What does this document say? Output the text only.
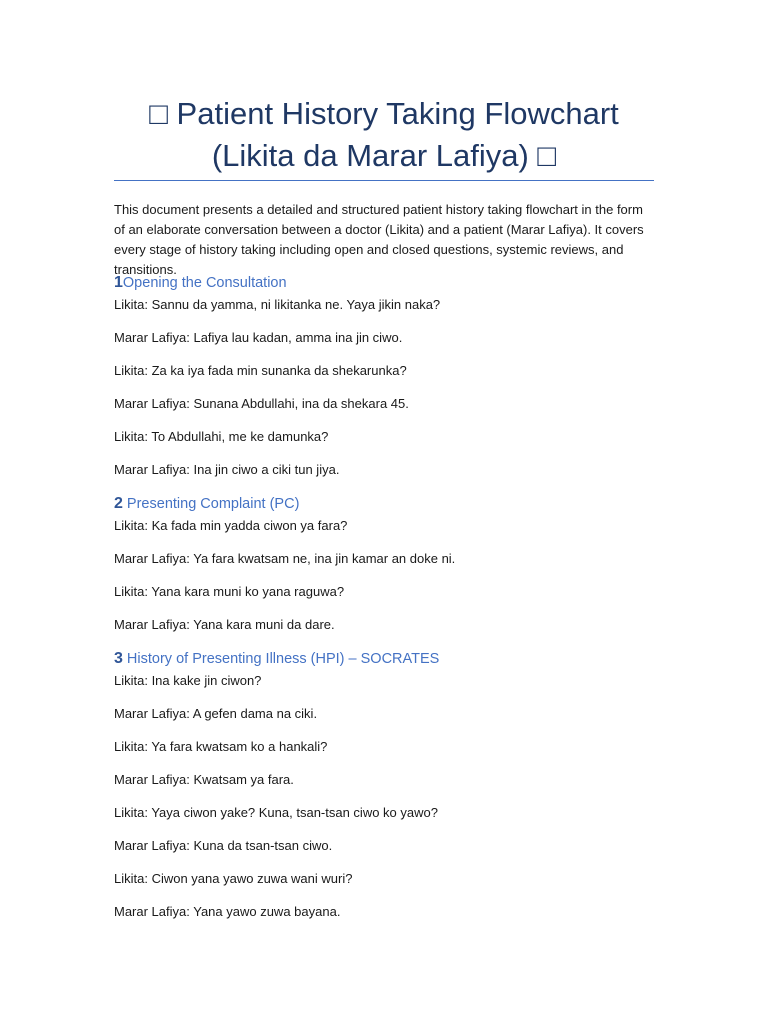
□ Patient History Taking Flowchart
(Likita da Marar Lafiya) □
This document presents a detailed and structured patient history taking flowchart in the form of an elaborate conversation between a doctor (Likita) and a patient (Marar Lafiya). It covers every stage of history taking including open and closed questions, systemic reviews, and transitions.
1Opening the Consultation
Likita: Sannu da yamma, ni likitanka ne. Yaya jikin naka?
Marar Lafiya: Lafiya lau kadan, amma ina jin ciwo.
Likita: Za ka iya fada min sunanka da shekarunka?
Marar Lafiya: Sunana Abdullahi, ina da shekara 45.
Likita: To Abdullahi, me ke damunka?
Marar Lafiya: Ina jin ciwo a ciki tun jiya.
2 Presenting Complaint (PC)
Likita: Ka fada min yadda ciwon ya fara?
Marar Lafiya: Ya fara kwatsam ne, ina jin kamar an doke ni.
Likita: Yana kara muni ko yana raguwa?
Marar Lafiya: Yana kara muni da dare.
3 History of Presenting Illness (HPI) – SOCRATES
Likita: Ina kake jin ciwon?
Marar Lafiya: A gefen dama na ciki.
Likita: Ya fara kwatsam ko a hankali?
Marar Lafiya: Kwatsam ya fara.
Likita: Yaya ciwon yake? Kuna, tsan-tsan ciwo ko yawo?
Marar Lafiya: Kuna da tsan-tsan ciwo.
Likita: Ciwon yana yawo zuwa wani wuri?
Marar Lafiya: Yana yawo zuwa bayana.
